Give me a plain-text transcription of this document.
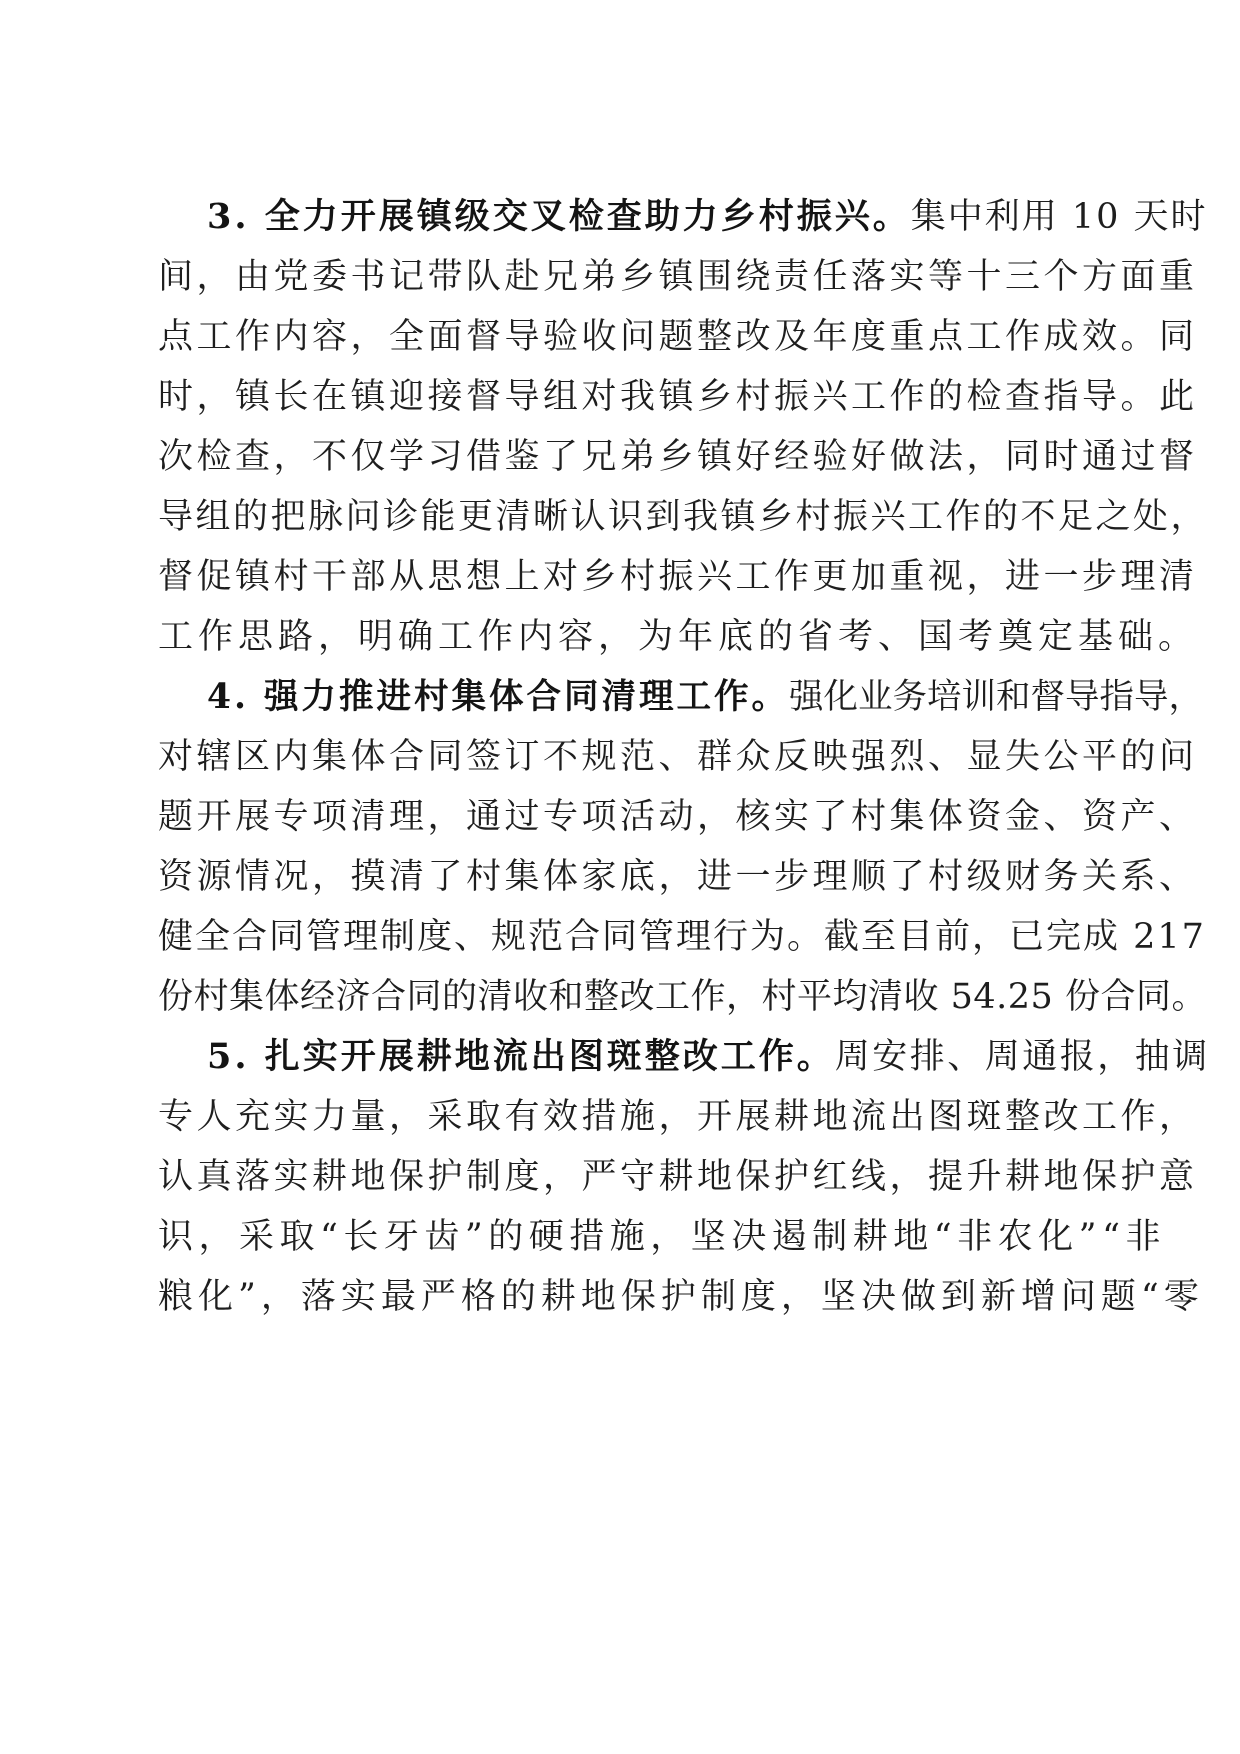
3. 全力开展镇级交叉检查助力乡村振兴。集中利用 10 天时
间，由党委书记带队赴兄弟乡镇围绕责任落实等十三个方面重
点工作内容，全面督导验收问题整改及年度重点工作成效。同
时，镇长在镇迎接督导组对我镇乡村振兴工作的检查指导。此
次检查，不仅学习借鉴了兄弟乡镇好经验好做法，同时通过督
导组的把脉问诊能更清晰认识到我镇乡村振兴工作的不足之处，
督促镇村干部从思想上对乡村振兴工作更加重视，进一步理清
工作思路，明确工作内容，为年底的省考、国考奠定基础。
4. 强力推进村集体合同清理工作。强化业务培训和督导指导，
对辖区内集体合同签订不规范、群众反映强烈、显失公平的问
题开展专项清理，通过专项活动，核实了村集体资金、资产、
资源情况，摸清了村集体家底，进一步理顺了村级财务关系、
健全合同管理制度、规范合同管理行为。截至目前，已完成 217
份村集体经济合同的清收和整改工作，村平均清收 54.25 份合同。
5. 扎实开展耕地流出图斑整改工作。周安排、周通报，抽调
专人充实力量，采取有效措施，开展耕地流出图斑整改工作，
认真落实耕地保护制度，严守耕地保护红线，提升耕地保护意
识，采取“长牙齿”的硬措施，坚决遏制耕地“非农化”“非
粮化”，落实最严格的耕地保护制度，坚决做到新增问题“零
